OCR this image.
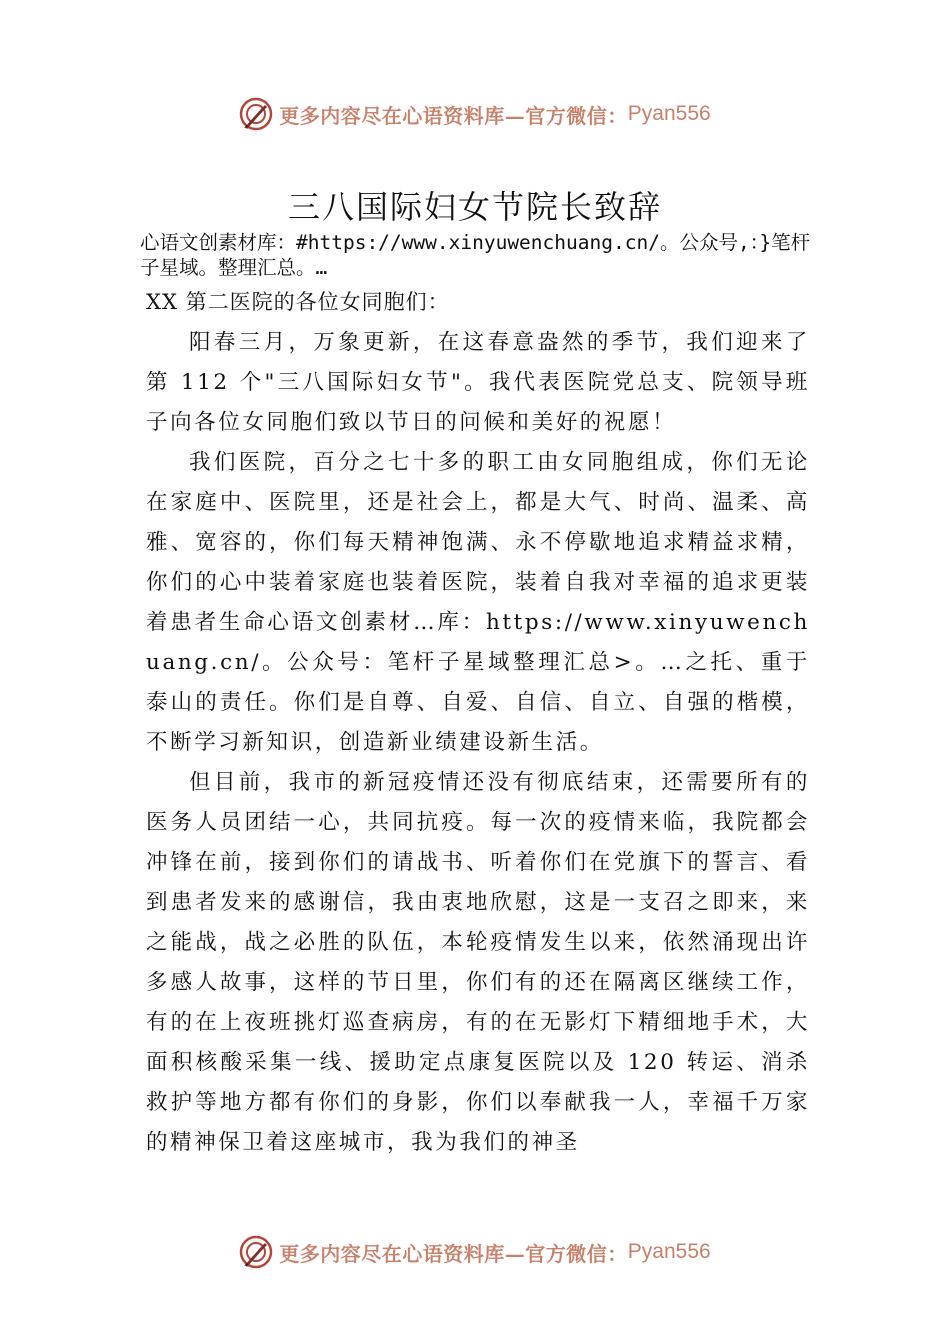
更多内容尽在心语资料库—官方微信： Pyan556
三八国际妇女节院长致辞
心语文创素材库：#https://www.xinyuwenchuang.cn/。公众号,：}笔杆子星域。整理汇总。…
XX 第二医院的各位女同胞们：

阳春三月，万象更新，在这春意盎然的季节，我们迎来了第 112 个"三八国际妇女节"。我代表医院党总支、院领导班子向各位女同胞们致以节日的问候和美好的祝愿！

我们医院，百分之七十多的职工由女同胞组成，你们无论在家庭中、医院里，还是社会上，都是大气、时尚、温柔、高雅、宽容的，你们每天精神饱满、永不停歇地追求精益求精，你们的心中装着家庭也装着医院，装着自我对幸福的追求更装着患者生命心语文创素材…库：https://www.xinyuwenchuang.cn/。公众号：笔杆子星域整理汇总>。…之托、重于泰山的责任。你们是自尊、自爱、自信、自立、自强的楷模，不断学习新知识，创造新业绩建设新生活。

但目前，我市的新冠疫情还没有彻底结束，还需要所有的医务人员团结一心，共同抗疫。每一次的疫情来临，我院都会冲锋在前，接到你们的请战书、听着你们在党旗下的誓言、看到患者发来的感谢信，我由衷地欣慰，这是一支召之即来，来之能战，战之必胜的队伍，本轮疫情发生以来，依然涌现出许多感人故事，这样的节日里，你们有的还在隔离区继续工作，有的在上夜班挑灯巡查病房，有的在无影灯下精细地手术，大面积核酸采集一线、援助定点康复医院以及 120 转运、消杀救护等地方都有你们的身影，你们以奉献我一人，幸福千万家的精神保卫着这座城市，我为我们的神圣

更多内容尽在心语资料库—官方微信： Pyan556
